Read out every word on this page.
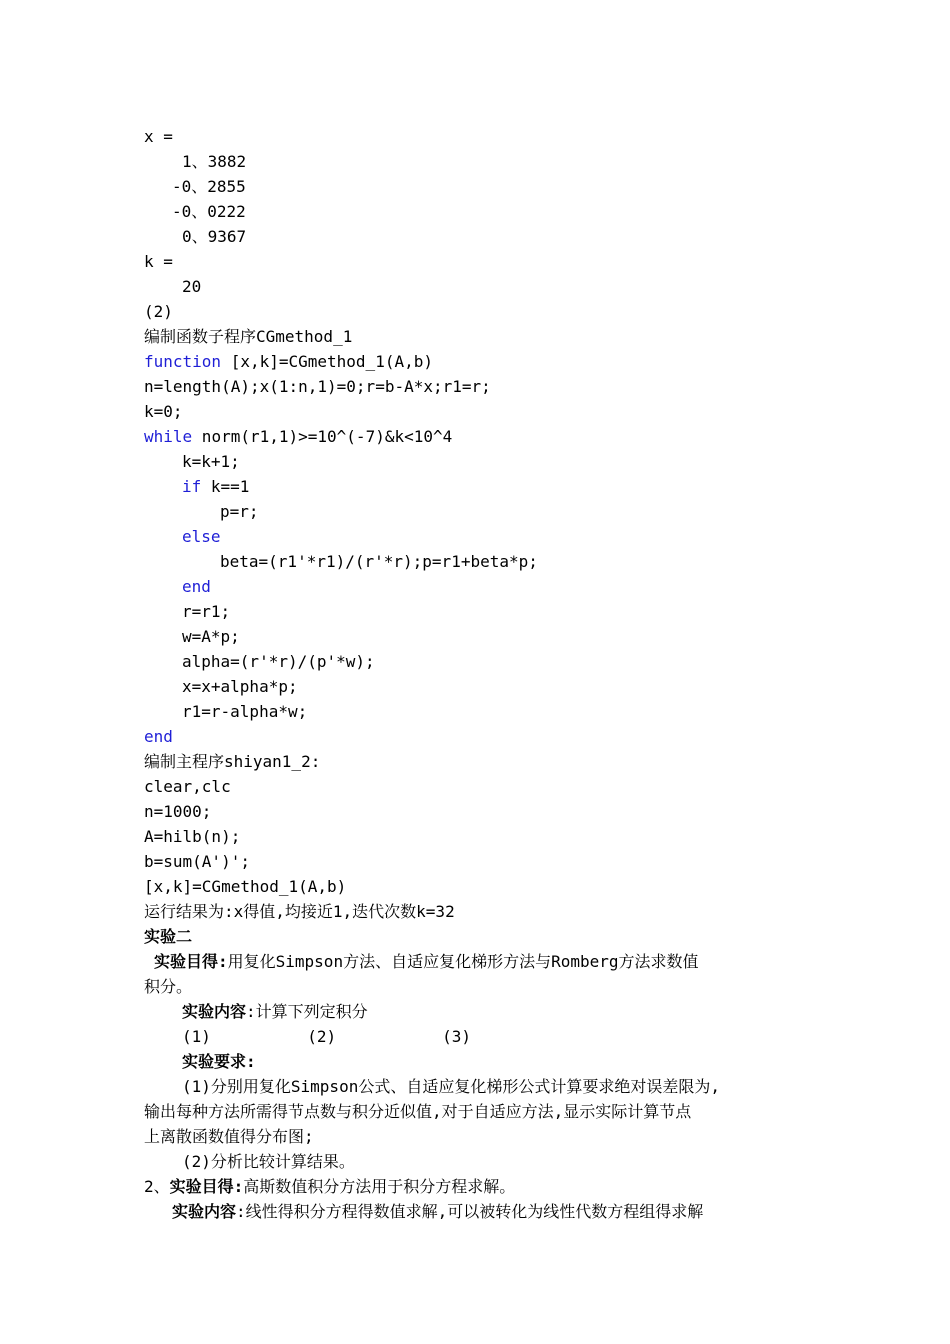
x =
1、3882
-0、2855
-0、0222
0、9367
k =
20
(2)
编制函数子程序CGmethod_1
function [x,k]=CGmethod_1(A,b)
n=length(A);x(1:n,1)=0;r=b-A*x;r1=r;
k=0;
while norm(r1,1)>=10^(-7)&k<10^4
k=k+1;
if k==1
p=r;
else
beta=(r1'*r1)/(r'*r);p=r1+beta*p;
end
r=r1;
w=A*p;
alpha=(r'*r)/(p'*w);
x=x+alpha*p;
r1=r-alpha*w;
end
编制主程序shiyan1_2:
clear,clc
n=1000;
A=hilb(n);
b=sum(A')';
[x,k]=CGmethod_1(A,b)
运行结果为:x得值,均接近1,迭代次数k=32
实验二
实验目得:用复化Simpson方法、自适应复化梯形方法与Romberg方法求数值
积分。
实验内容:计算下列定积分
(1)          (2)           (3)
实验要求:
(1)分别用复化Simpson公式、自适应复化梯形公式计算要求绝对误差限为,
输出每种方法所需得节点数与积分近似值,对于自适应方法,显示实际计算节点
上离散函数值得分布图;
(2)分析比较计算结果。
2、实验目得:高斯数值积分方法用于积分方程求解。
实验内容:线性得积分方程得数值求解,可以被转化为线性代数方程组得求解
